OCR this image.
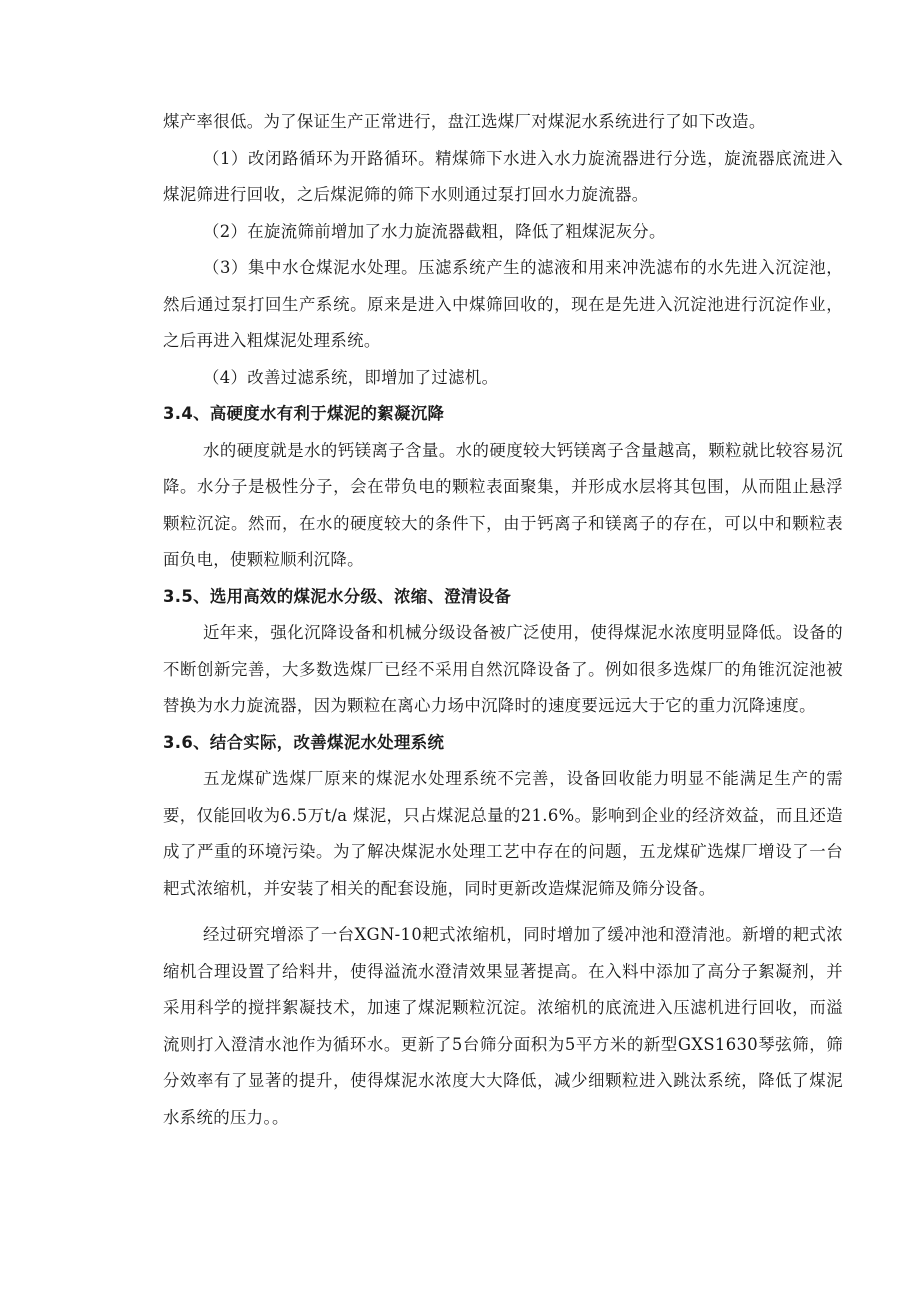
煤产率很低。为了保证生产正常进行，盘江选煤厂对煤泥水系统进行了如下改造。

（1）改闭路循环为开路循环。精煤筛下水进入水力旋流器进行分选，旋流器底流进入煤泥筛进行回收，之后煤泥筛的筛下水则通过泵打回水力旋流器。

（2）在旋流筛前增加了水力旋流器截粗，降低了粗煤泥灰分。

（3）集中水仓煤泥水处理。压滤系统产生的滤液和用来冲洗滤布的水先进入沉淀池，然后通过泵打回生产系统。原来是进入中煤筛回收的，现在是先进入沉淀池进行沉淀作业，之后再进入粗煤泥处理系统。

（4）改善过滤系统，即增加了过滤机。

3.4、高硬度水有利于煤泥的絮凝沉降

水的硬度就是水的钙镁离子含量。水的硬度较大钙镁离子含量越高，颗粒就比较容易沉降。水分子是极性分子，会在带负电的颗粒表面聚集，并形成水层将其包围，从而阻止悬浮颗粒沉淀。然而，在水的硬度较大的条件下，由于钙离子和镁离子的存在，可以中和颗粒表面负电，使颗粒顺利沉降。

3.5、选用高效的煤泥水分级、浓缩、澄清设备

近年来，强化沉降设备和机械分级设备被广泛使用，使得煤泥水浓度明显降低。设备的不断创新完善，大多数选煤厂已经不采用自然沉降设备了。例如很多选煤厂的角锥沉淀池被替换为水力旋流器，因为颗粒在离心力场中沉降时的速度要远远大于它的重力沉降速度。

3.6、结合实际，改善煤泥水处理系统

五龙煤矿选煤厂原来的煤泥水处理系统不完善，设备回收能力明显不能满足生产的需要，仅能回收为6.5万t/a 煤泥，只占煤泥总量的21.6%。影响到企业的经济效益，而且还造成了严重的环境污染。为了解决煤泥水处理工艺中存在的问题，五龙煤矿选煤厂增设了一台耙式浓缩机，并安装了相关的配套设施，同时更新改造煤泥筛及筛分设备。

经过研究增添了一台XGN-10耙式浓缩机，同时增加了缓冲池和澄清池。新增的耙式浓缩机合理设置了给料井，使得溢流水澄清效果显著提高。在入料中添加了高分子絮凝剂，并采用科学的搅拌絮凝技术，加速了煤泥颗粒沉淀。浓缩机的底流进入压滤机进行回收，而溢流则打入澄清水池作为循环水。更新了5台筛分面积为5平方米的新型GXS1630琴弦筛，筛分效率有了显著的提升，使得煤泥水浓度大大降低，减少细颗粒进入跳汰系统，降低了煤泥水系统的压力。。
